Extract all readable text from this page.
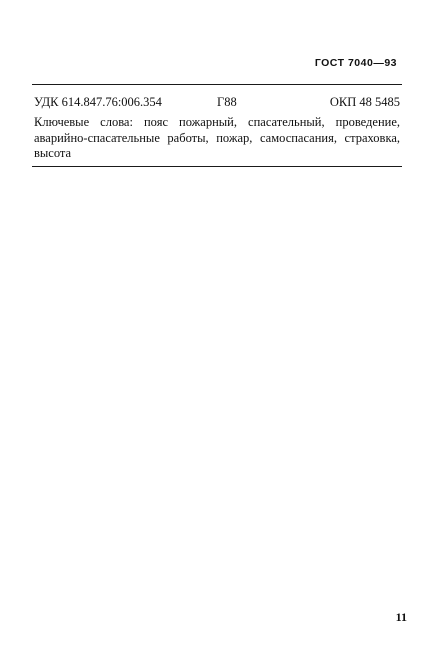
ГОСТ 7040—93
УДК 614.847.76:006.354	Г88	ОКП 48 5485
Ключевые слова: пояс пожарный, спасательный, проведение, аварийно-спасательные работы, пожар, самоспасания, страховка, высота
11
